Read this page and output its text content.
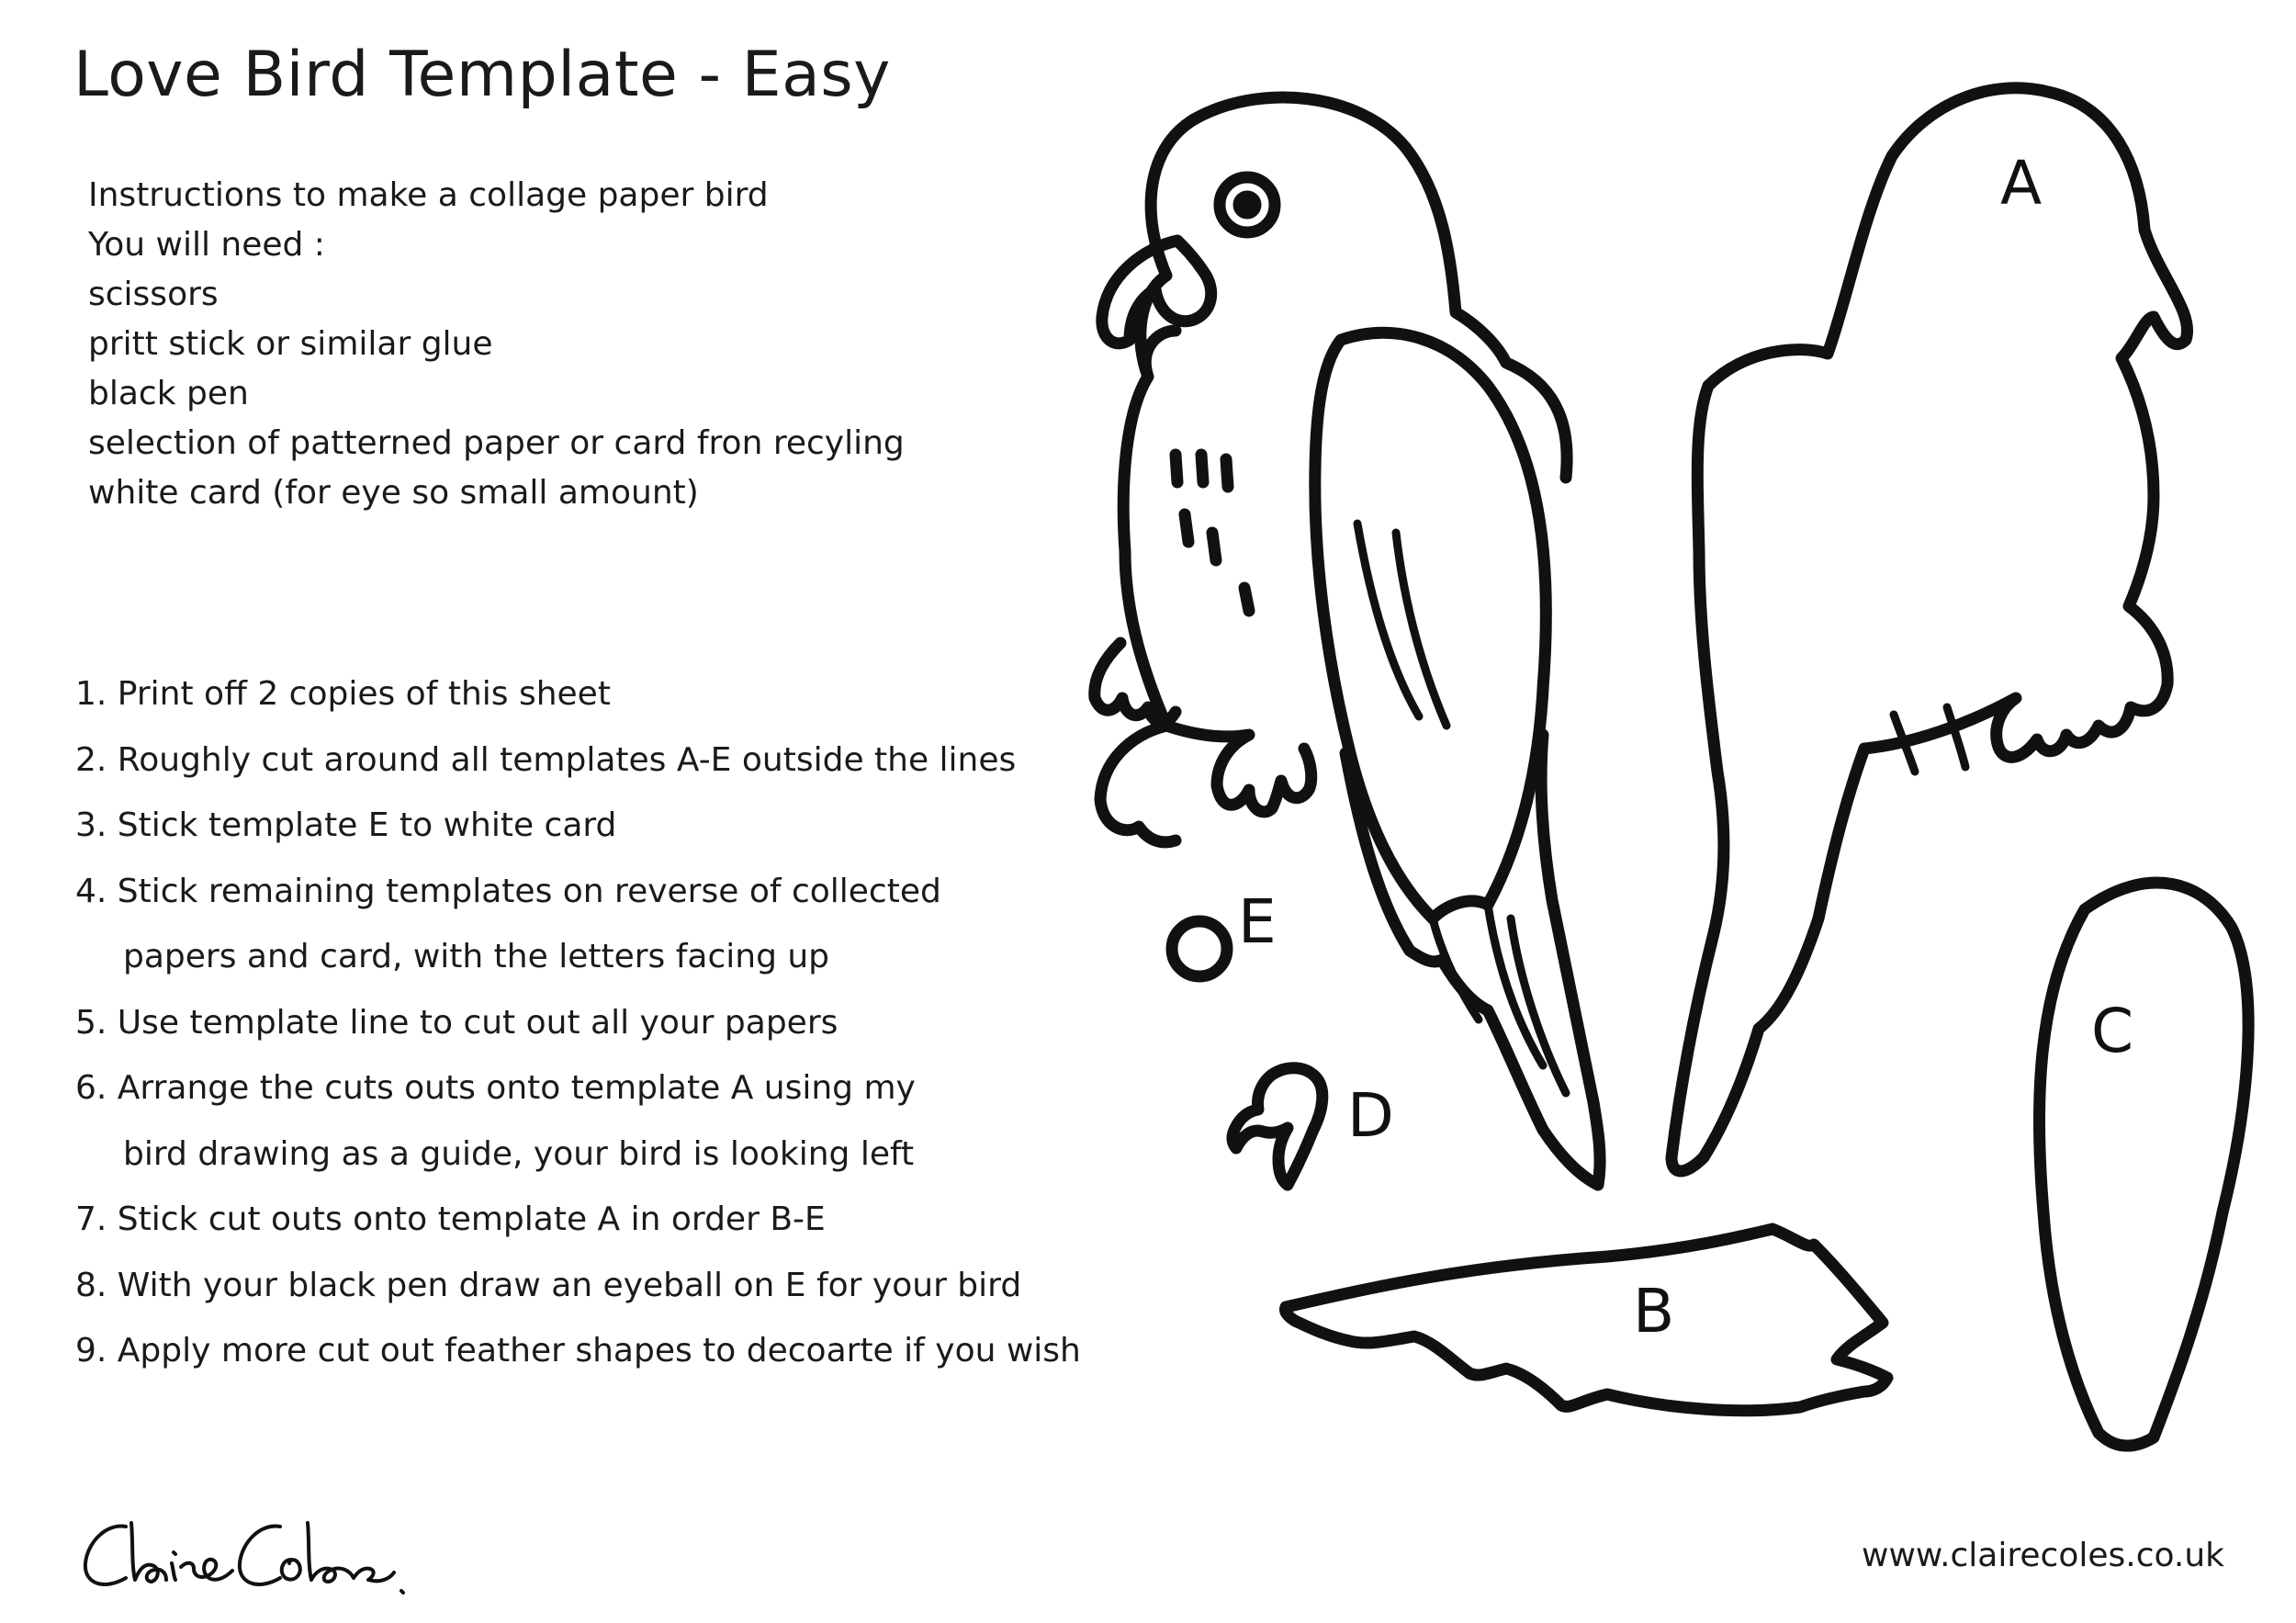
Love Bird Template - Easy
Instructions to make a collage paper bird
You will need :
scissors
pritt stick or similar glue
black pen
selection of patterned paper or card fron recyling
white card (for eye so small amount)
1. Print off 2 copies of this sheet
2. Roughly cut around all templates A-E outside the lines
3. Stick template E to white card
4. Stick remaining templates on reverse of collected
papers and card, with the letters facing up
5. Use template line to cut out all your papers
6. Arrange the cuts outs onto template A using my
bird drawing as a guide, your bird is looking left
7. Stick cut outs onto template A in order B-E
8. With your black pen draw an eyeball on E for your bird
9. Apply more cut out feather shapes to decoarte if you wish
A
C
B
D
E
Claire Coles.

www.clairecoles.co.uk
